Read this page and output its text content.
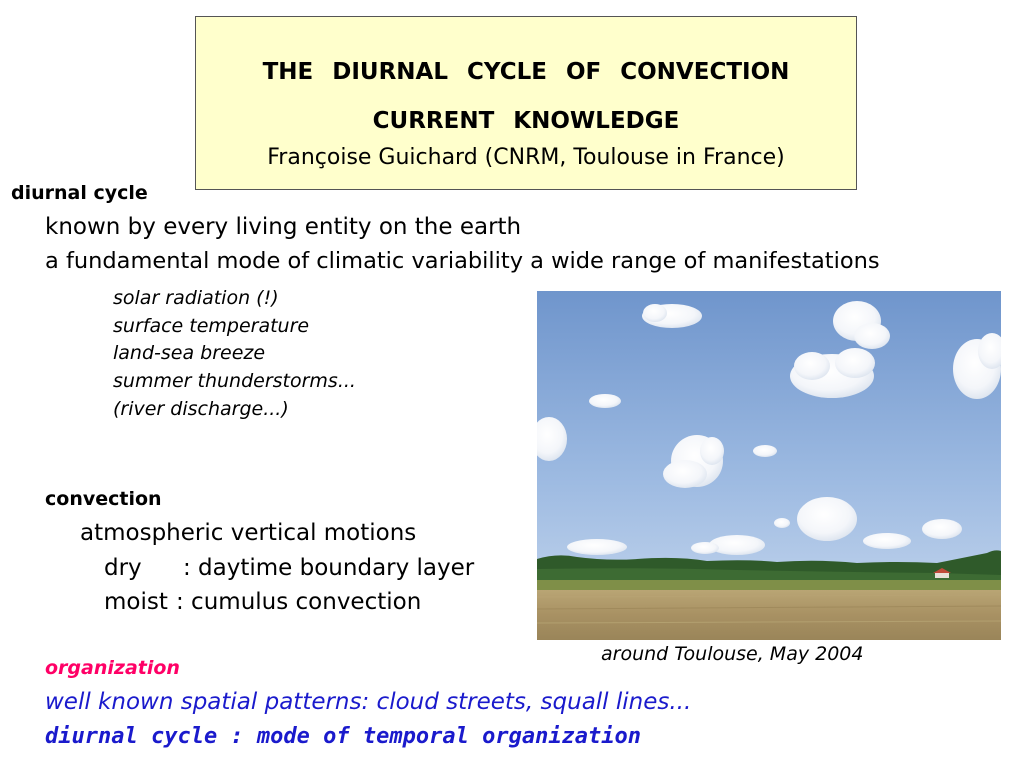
THE DIURNAL CYCLE OF CONVECTION
CURRENT KNOWLEDGE
Françoise Guichard (CNRM, Toulouse in France)
diurnal cycle
known by every living entity on the earth
a fundamental mode of climatic variability a wide range of manifestations
solar radiation (!)
surface temperature
land-sea breeze
summer thunderstorms...
(river discharge...)
convection
atmospheric vertical motions
dry : daytime boundary layer
moist : cumulus convection
organization
well known spatial patterns: cloud streets, squall lines...
diurnal cycle : mode of temporal organization
around Toulouse, May 2004
